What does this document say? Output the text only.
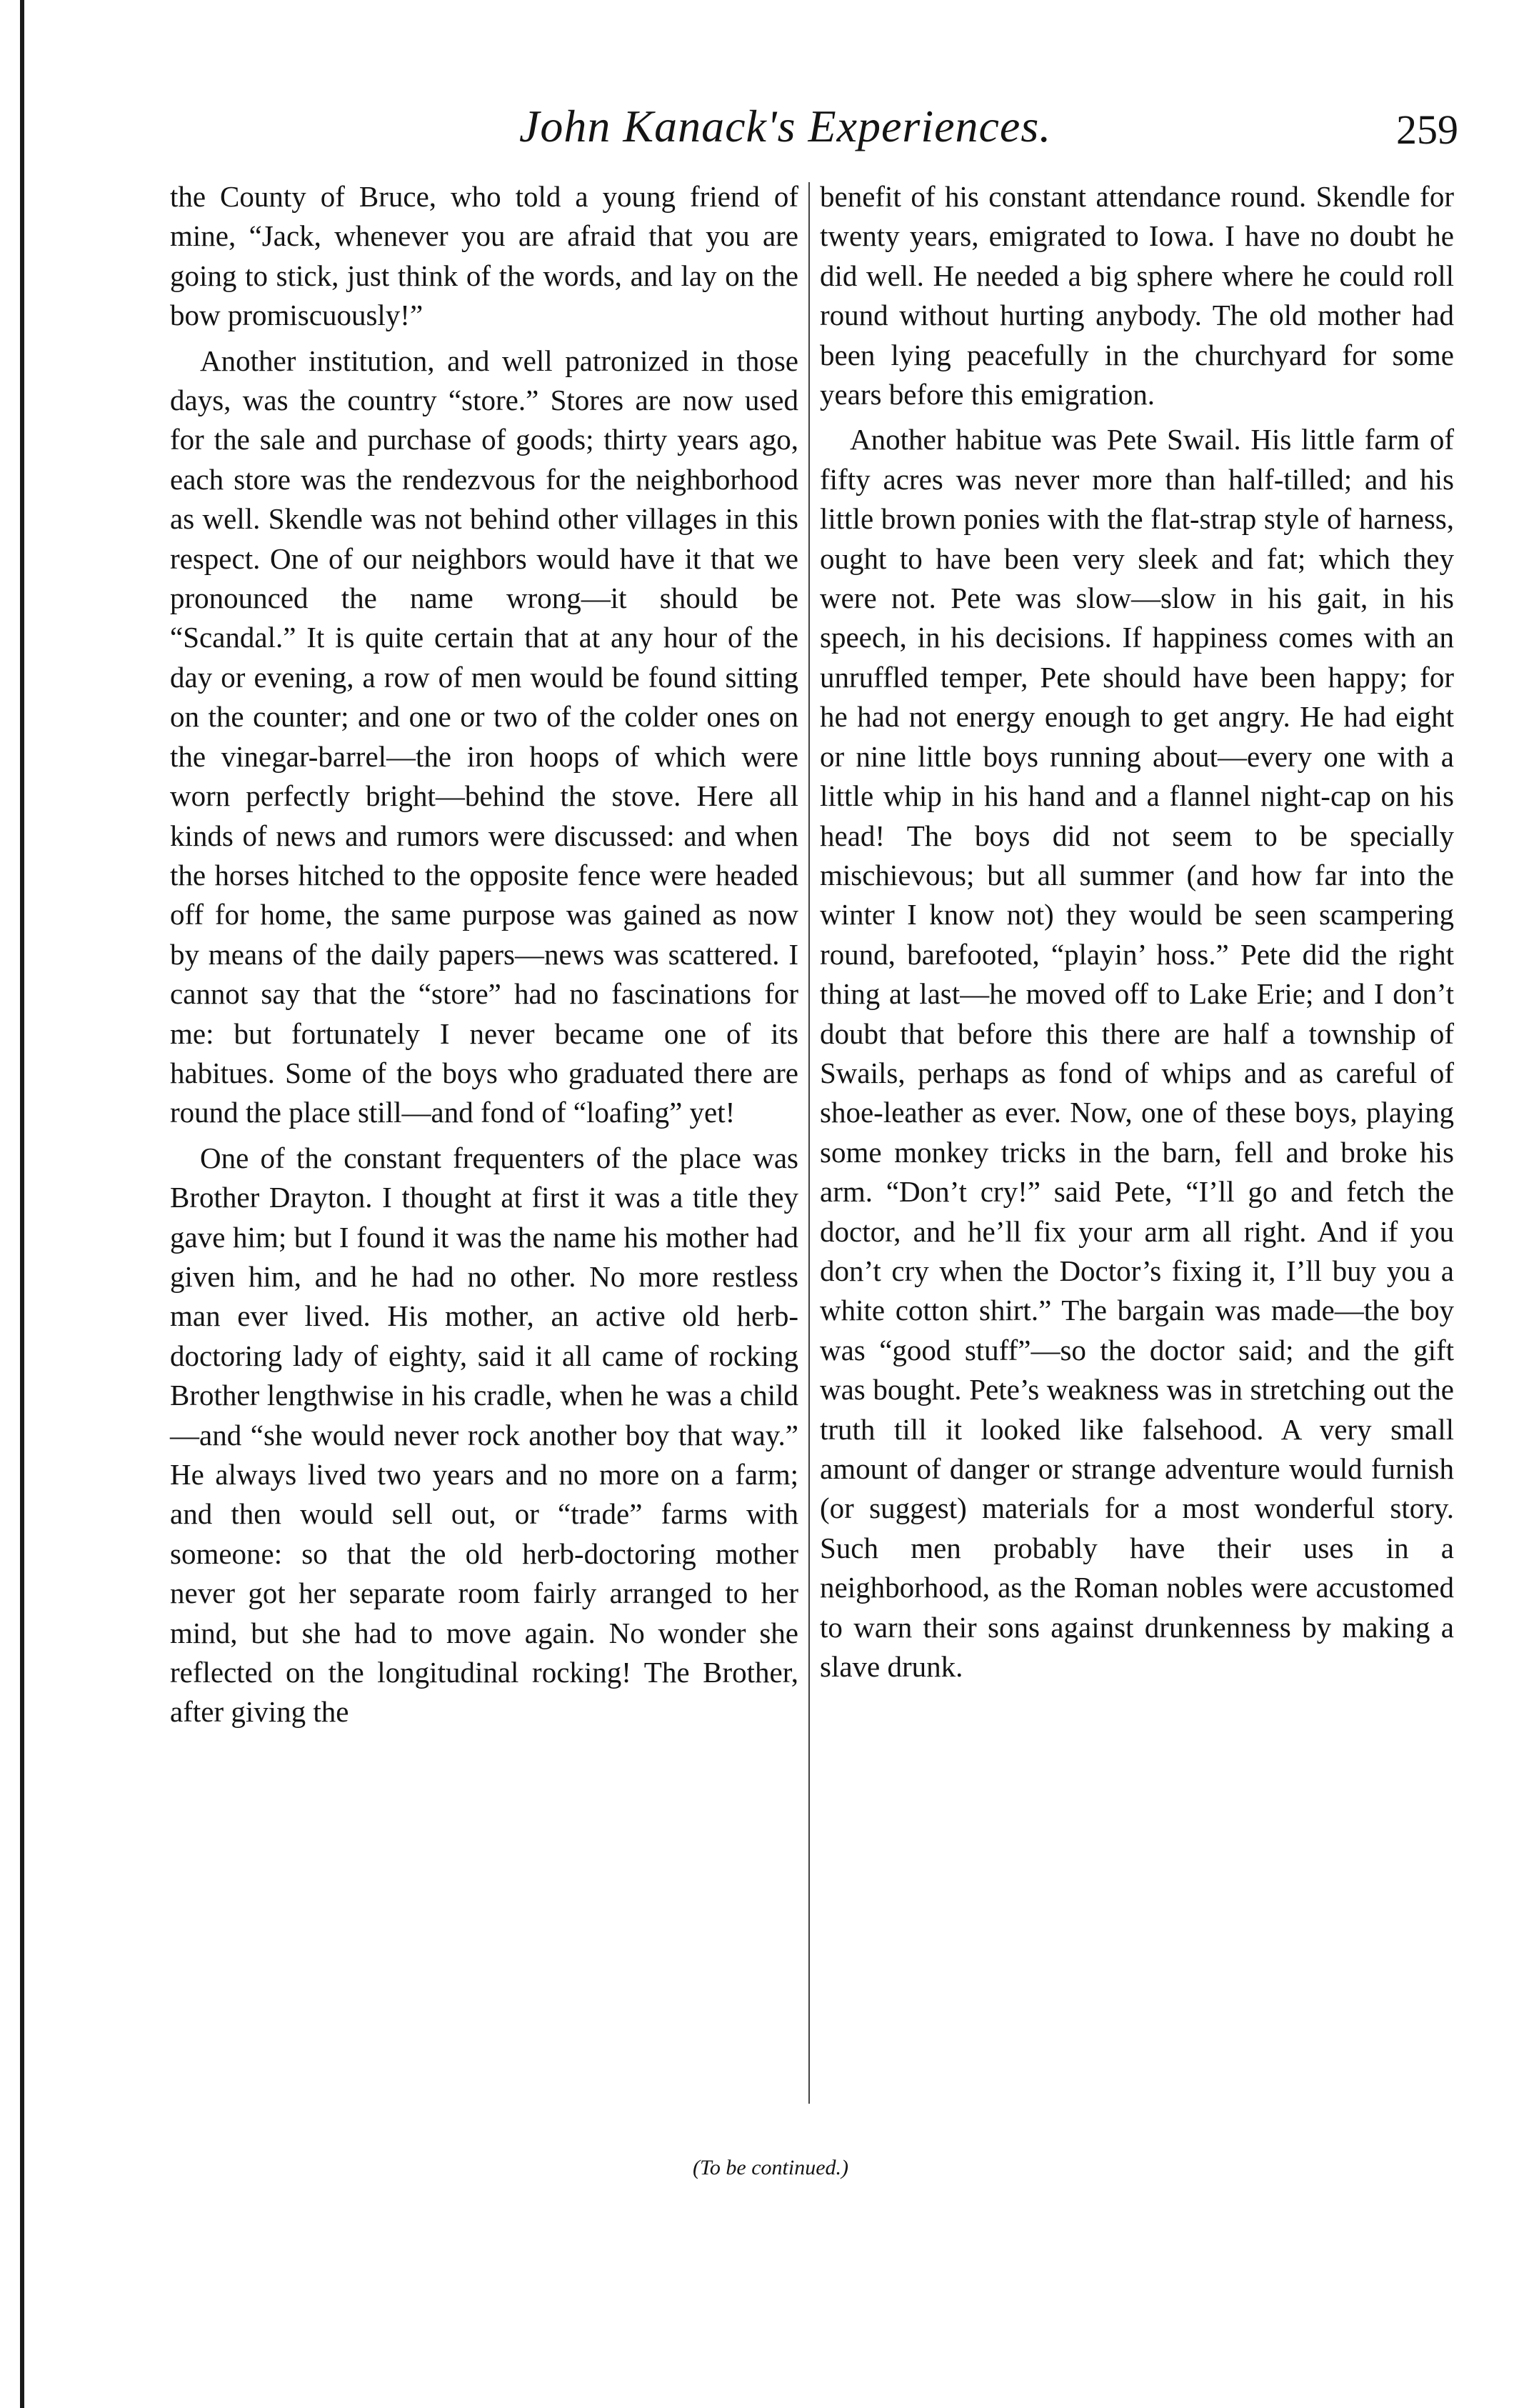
John Kanack's Experiences.	259

the County of Bruce, who told a young friend of mine, “Jack, whenever you are afraid that you are going to stick, just think of the words, and lay on the bow promiscuously!”

Another institution, and well patronized in those days, was the country “store.” Stores are now used for the sale and purchase of goods; thirty years ago, each store was the rendezvous for the neighborhood as well. Skendle was not behind other villages in this respect. One of our neighbors would have it that we pronounced the name wrong—it should be “Scandal.” It is quite certain that at any hour of the day or evening, a row of men would be found sitting on the counter; and one or two of the colder ones on the vinegar-barrel—the iron hoops of which were worn perfectly bright—behind the stove. Here all kinds of news and rumors were discussed: and when the horses hitched to the opposite fence were headed off for home, the same purpose was gained as now by means of the daily papers—news was scattered. I cannot say that the “store” had no fascinations for me: but fortunately I never became one of its habitues. Some of the boys who graduated there are round the place still—and fond of “loafing” yet!

One of the constant frequenters of the place was Brother Drayton. I thought at first it was a title they gave him; but I found it was the name his mother had given him, and he had no other. No more restless man ever lived. His mother, an active old herb-doctoring lady of eighty, said it all came of rocking Brother lengthwise in his cradle, when he was a child—and “she would never rock another boy that way.” He always lived two years and no more on a farm; and then would sell out, or “trade” farms with someone: so that the old herb-doctoring mother never got her separate room fairly arranged to her mind, but she had to move again. No wonder she reflected on the longitudinal rocking! The Brother, after giving the

benefit of his constant attendance round. Skendle for twenty years, emigrated to Iowa. I have no doubt he did well. He needed a big sphere where he could roll round without hurting anybody. The old mother had been lying peacefully in the churchyard for some years before this emigration.

Another habitue was Pete Swail. His little farm of fifty acres was never more than half-tilled; and his little brown ponies with the flat-strap style of harness, ought to have been very sleek and fat; which they were not. Pete was slow—slow in his gait, in his speech, in his decisions. If happiness comes with an unruffled temper, Pete should have been happy; for he had not energy enough to get angry. He had eight or nine little boys running about—every one with a little whip in his hand and a flannel night-cap on his head! The boys did not seem to be specially mischievous; but all summer (and how far into the winter I know not) they would be seen scampering round, barefooted, “playin’ hoss.” Pete did the right thing at last—he moved off to Lake Erie; and I don’t doubt that before this there are half a township of Swails, perhaps as fond of whips and as careful of shoe-leather as ever. Now, one of these boys, playing some monkey tricks in the barn, fell and broke his arm. “Don’t cry!” said Pete, “I’ll go and fetch the doctor, and he’ll fix your arm all right. And if you don’t cry when the Doctor’s fixing it, I’ll buy you a white cotton shirt.” The bargain was made—the boy was “good stuff”—so the doctor said; and the gift was bought. Pete’s weakness was in stretching out the truth till it looked like falsehood. A very small amount of danger or strange adventure would furnish (or suggest) materials for a most wonderful story. Such men probably have their uses in a neighborhood, as the Roman nobles were accustomed to warn their sons against drunkenness by making a slave drunk.

(To be continued.)
